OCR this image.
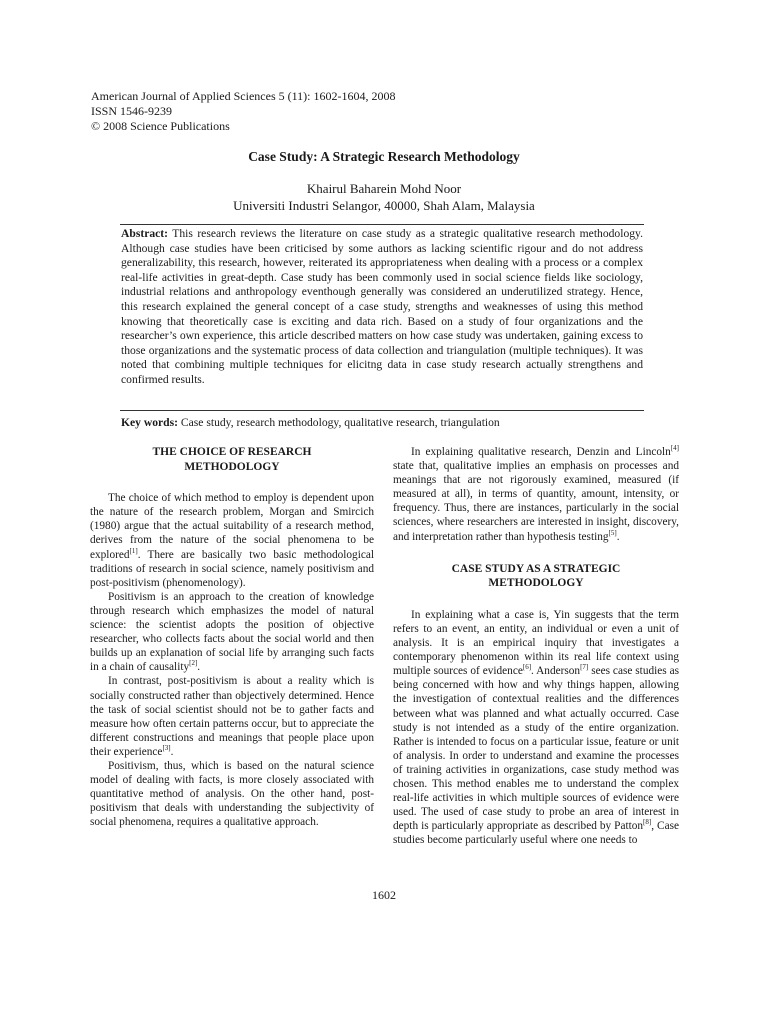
American Journal of Applied Sciences 5 (11): 1602-1604, 2008
ISSN 1546-9239
© 2008 Science Publications
Case Study: A Strategic Research Methodology
Khairul Baharein Mohd Noor
Universiti Industri Selangor, 40000, Shah Alam, Malaysia
Abstract: This research reviews the literature on case study as a strategic qualitative research methodology. Although case studies have been criticised by some authors as lacking scientific rigour and do not address generalizability, this research, however, reiterated its appropriateness when dealing with a process or a complex real-life activities in great-depth. Case study has been commonly used in social science fields like sociology, industrial relations and anthropology eventhough generally was considered an underutilized strategy. Hence, this research explained the general concept of a case study, strengths and weaknesses of using this method knowing that theoretically case is exciting and data rich. Based on a study of four organizations and the researcher’s own experience, this article described matters on how case study was undertaken, gaining excess to those organizations and the systematic process of data collection and triangulation (multiple techniques). It was noted that combining multiple techniques for elicitng data in case study research actually strengthens and confirmed results.
Key words: Case study, research methodology, qualitative research, triangulation
THE CHOICE OF RESEARCH
METHODOLOGY

The choice of which method to employ is dependent upon the nature of the research problem, Morgan and Smircich (1980) argue that the actual suitability of a research method, derives from the nature of the social phenomena to be explored[1]. There are basically two basic methodological traditions of research in social science, namely positivism and post-positivism (phenomenology).

Positivism is an approach to the creation of knowledge through research which emphasizes the model of natural science: the scientist adopts the position of objective researcher, who collects facts about the social world and then builds up an explanation of social life by arranging such facts in a chain of causality[2].

In contrast, post-positivism is about a reality which is socially constructed rather than objectively determined. Hence the task of social scientist should not be to gather facts and measure how often certain patterns occur, but to appreciate the different constructions and meanings that people place upon their experience[3].

Positivism, thus, which is based on the natural science model of dealing with facts, is more closely associated with quantitative method of analysis. On the other hand, post-positivism that deals with understanding the subjectivity of social phenomena, requires a qualitative approach.

In explaining qualitative research, Denzin and Lincoln[4] state that, qualitative implies an emphasis on processes and meanings that are not rigorously examined, measured (if measured at all), in terms of quantity, amount, intensity, or frequency. Thus, there are instances, particularly in the social sciences, where researchers are interested in insight, discovery, and interpretation rather than hypothesis testing[5].

CASE STUDY AS A STRATEGIC
METHODOLOGY

In explaining what a case is, Yin suggests that the term refers to an event, an entity, an individual or even a unit of analysis. It is an empirical inquiry that investigates a contemporary phenomenon within its real life context using multiple sources of evidence[6]. Anderson[7] sees case studies as being concerned with how and why things happen, allowing the investigation of contextual realities and the differences between what was planned and what actually occurred. Case study is not intended as a study of the entire organization. Rather is intended to focus on a particular issue, feature or unit of analysis. In order to understand and examine the processes of training activities in organizations, case study method was chosen. This method enables me to understand the complex real-life activities in which multiple sources of evidence were used. The used of case study to probe an area of interest in depth is particularly appropriate as described by Patton[8], Case studies become particularly useful where one needs to

1602
